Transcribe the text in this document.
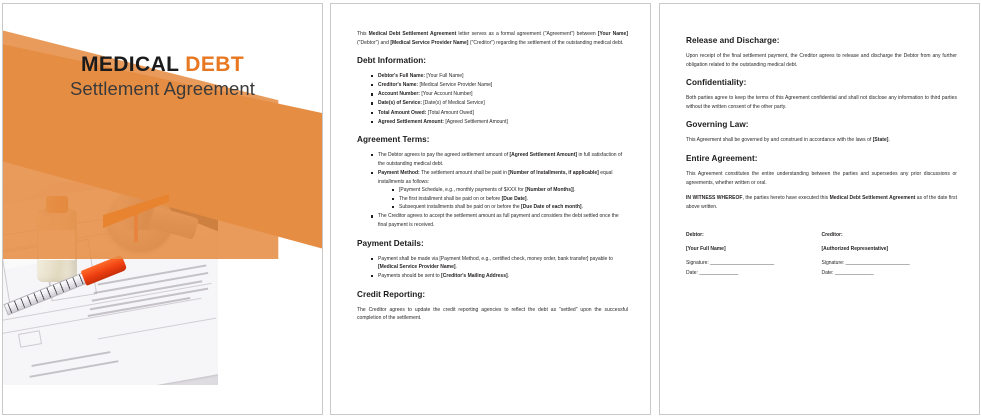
MEDICAL DEBT
Settlement Agreement

This Medical Debt Settlement Agreement letter serves as a formal agreement ("Agreement") between [Your Name] ("Debtor") and [Medical Service Provider Name] ("Creditor") regarding the settlement of the outstanding medical debt.

Debt Information:
Debtor's Full Name: [Your Full Name]
Creditor's Name: [Medical Service Provider Name]
Account Number: [Your Account Number]
Date(s) of Service: [Date(s) of Medical Service]
Total Amount Owed: [Total Amount Owed]
Agreed Settlement Amount: [Agreed Settlement Amount]
Agreement Terms:
The Debtor agrees to pay the agreed settlement amount of [Agreed Settlement Amount] in full satisfaction of the outstanding medical debt.
Payment Method: The settlement amount shall be paid in [Number of Installments, if applicable] equal installments as follows:
[Payment Schedule, e.g., monthly payments of $XXX for [Number of Months]].
The first installment shall be paid on or before [Due Date].
Subsequent installments shall be paid on or before the [Due Date of each month].
The Creditor agrees to accept the settlement amount as full payment and considers the debt settled once the final payment is received.
Payment Details:
Payment shall be made via [Payment Method, e.g., certified check, money order, bank transfer] payable to [Medical Service Provider Name].
Payments should be sent to [Creditor's Mailing Address].
Credit Reporting:

The Creditor agrees to update the credit reporting agencies to reflect the debt as "settled" upon the successful completion of the settlement.

Release and Discharge:

Upon receipt of the final settlement payment, the Creditor agrees to release and discharge the Debtor from any further obligation related to the outstanding medical debt.

Confidentiality:

Both parties agree to keep the terms of this Agreement confidential and shall not disclose any information to third parties without the written consent of the other party.

Governing Law:

This Agreement shall be governed by and construed in accordance with the laws of [State].

Entire Agreement:

This Agreement constitutes the entire understanding between the parties and supersedes any prior discussions or agreements, whether written or oral.

IN WITNESS WHEREOF, the parties hereto have executed this Medical Debt Settlement Agreement as of the date first above written.

Debtor:
[Your Full Name]
Signature: _______________________
Date: ______________
Creditor:
[Authorized Representative]
Signature: _______________________
Date: ______________
